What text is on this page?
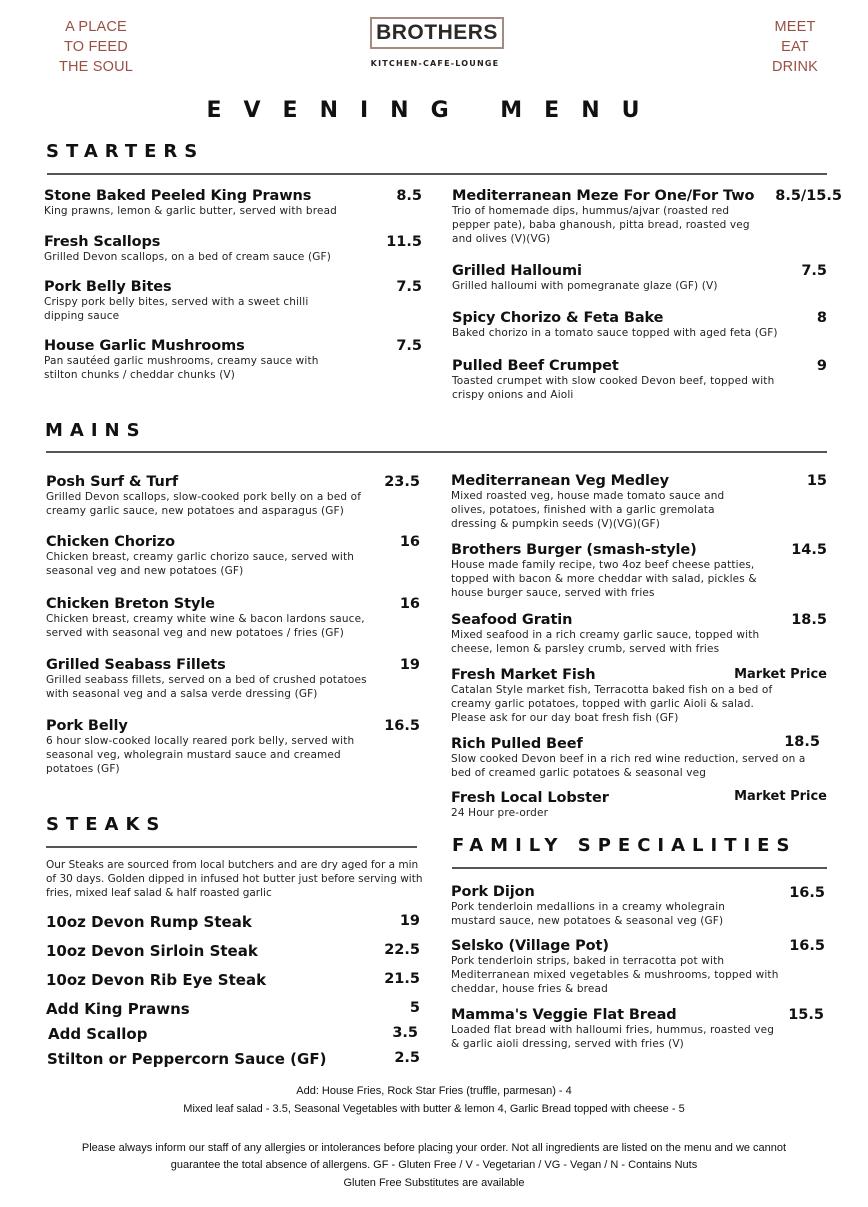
A PLACE
TO FEED
THE SOUL
MEET
EAT
DRINK
BROTHERS
KITCHEN-CAFE-LOUNGE
EVENING MENU
STARTERS
Stone Baked Peeled King Prawns
King prawns, lemon & garlic butter, served with bread
8.5
Fresh Scallops
Grilled Devon scallops, on a bed of cream sauce (GF)
11.5
Pork Belly Bites
Crispy pork belly bites, served with a sweet chilli dipping sauce
7.5
House Garlic Mushrooms
Pan sautéed garlic mushrooms, creamy sauce with stilton chunks / cheddar chunks (V)
7.5
Mediterranean Meze For One/For Two
Trio of homemade dips, hummus/ajvar (roasted red pepper pate), baba ghanoush, pitta bread, roasted veg and olives (V)(VG)
8.5/15.5
Grilled Halloumi
Grilled halloumi with pomegranate glaze (GF) (V)
7.5
Spicy Chorizo & Feta Bake
Baked chorizo in a tomato sauce topped with aged feta (GF)
8
Pulled Beef Crumpet
Toasted crumpet with slow cooked Devon beef, topped with crispy onions and Aioli
9
MAINS
Posh Surf & Turf
Grilled Devon scallops, slow-cooked pork belly on a bed of creamy garlic sauce, new potatoes and asparagus (GF)
23.5
Chicken Chorizo
Chicken breast, creamy garlic chorizo sauce, served with seasonal veg and new potatoes (GF)
16
Chicken Breton Style
Chicken breast, creamy white wine & bacon lardons sauce, served with seasonal veg and new potatoes / fries (GF)
16
Grilled Seabass Fillets
Grilled seabass fillets, served on a bed of crushed potatoes with seasonal veg and a salsa verde dressing (GF)
19
Pork Belly
6 hour slow-cooked locally reared pork belly, served with seasonal veg, wholegrain mustard sauce and creamed potatoes (GF)
16.5
Mediterranean Veg Medley
Mixed roasted veg, house made tomato sauce and olives, potatoes, finished with a garlic gremolata dressing & pumpkin seeds (V)(VG)(GF)
15
Brothers Burger (smash-style)
House made family recipe, two 4oz beef cheese patties, topped with bacon & more cheddar with salad, pickles & house burger sauce, served with fries
14.5
Seafood Gratin
Mixed seafood in a rich creamy garlic sauce, topped with cheese, lemon & parsley crumb, served with fries
18.5
Fresh Market Fish
Catalan Style market fish, Terracotta baked fish on a bed of creamy garlic potatoes, topped with garlic Aioli & salad. Please ask for our day boat fresh fish (GF)
Market Price
Rich Pulled Beef
Slow cooked Devon beef in a rich red wine reduction, served on a bed of creamed garlic potatoes & seasonal veg
18.5
Fresh Local Lobster
24 Hour pre-order
Market Price
STEAKS
Our Steaks are sourced from local butchers and are dry aged for a min of 30 days. Golden dipped in infused hot butter just before serving with fries, mixed leaf salad & half roasted garlic
10oz Devon Rump Steak	19
10oz Devon Sirloin Steak	22.5
10oz Devon Rib Eye Steak	21.5
Add King Prawns	5
Add Scallop	3.5
Stilton or Peppercorn Sauce (GF)	2.5
FAMILY SPECIALITIES
Pork Dijon
Pork tenderloin medallions in a creamy wholegrain mustard sauce, new potatoes & seasonal veg (GF)
16.5
Selsko (Village Pot)
Pork tenderloin strips, baked in terracotta pot with Mediterranean mixed vegetables & mushrooms, topped with cheddar, house fries & bread
16.5
Mamma's Veggie Flat Bread
Loaded flat bread with halloumi fries, hummus, roasted veg & garlic aioli dressing, served with fries (V)
15.5
Add: House Fries, Rock Star Fries (truffle, parmesan) - 4
Mixed leaf salad - 3.5, Seasonal Vegetables with butter & lemon 4, Garlic Bread topped with cheese - 5
Please always inform our staff of any allergies or intolerances before placing your order. Not all ingredients are listed on the menu and we cannot
guarantee the total absence of allergens. GF - Gluten Free / V - Vegetarian / VG - Vegan / N - Contains Nuts
Gluten Free Substitutes are available
